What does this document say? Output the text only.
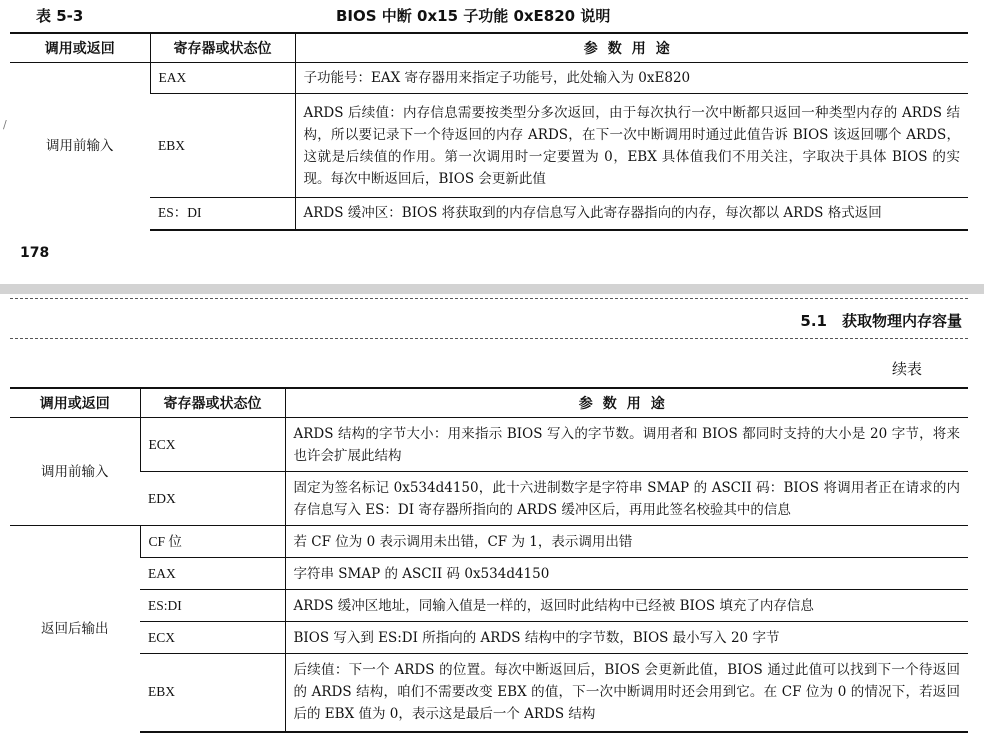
/
表 5-3	BIOS 中断 0x15 子功能 0xE820 说明
调用或返回	寄存器或状态位	参数用途
调用前输入	EAX	子功能号：EAX 寄存器用来指定子功能号，此处输入为 0xE820
	EBX	ARDS 后续值：内存信息需要按类型分多次返回，由于每次执行一次中断都只返回一种类型内存的 ARDS 结构，所以要记录下一个待返回的内存 ARDS，在下一次中断调用时通过此值告诉 BIOS 该返回哪个 ARDS，这就是后续值的作用。第一次调用时一定要置为 0，EBX 具体值我们不用关注，字取决于具体 BIOS 的实现。每次中断返回后，BIOS 会更新此值
	ES：DI	ARDS 缓冲区：BIOS 将获取到的内存信息写入此寄存器指向的内存，每次都以 ARDS 格式返回
178
5.1　获取物理内存容量
续表
调用或返回	寄存器或状态位	参数用途
调用前输入	ECX	ARDS 结构的字节大小：用来指示 BIOS 写入的字节数。调用者和 BIOS 都同时支持的大小是 20 字节，将来也许会扩展此结构
	EDX	固定为签名标记 0x534d4150，此十六进制数字是字符串 SMAP 的 ASCII 码：BIOS 将调用者正在请求的内存信息写入 ES：DI 寄存器所指向的 ARDS 缓冲区后，再用此签名校验其中的信息
返回后输出	CF 位	若 CF 位为 0 表示调用未出错，CF 为 1，表示调用出错
	EAX	字符串 SMAP 的 ASCII 码 0x534d4150
	ES:DI	ARDS 缓冲区地址，同输入值是一样的，返回时此结构中已经被 BIOS 填充了内存信息
	ECX	BIOS 写入到 ES:DI 所指向的 ARDS 结构中的字节数，BIOS 最小写入 20 字节
	EBX	后续值：下一个 ARDS 的位置。每次中断返回后，BIOS 会更新此值，BIOS 通过此值可以找到下一个待返回的 ARDS 结构，咱们不需要改变 EBX 的值，下一次中断调用时还会用到它。在 CF 位为 0 的情况下，若返回后的 EBX 值为 0，表示这是最后一个 ARDS 结构
